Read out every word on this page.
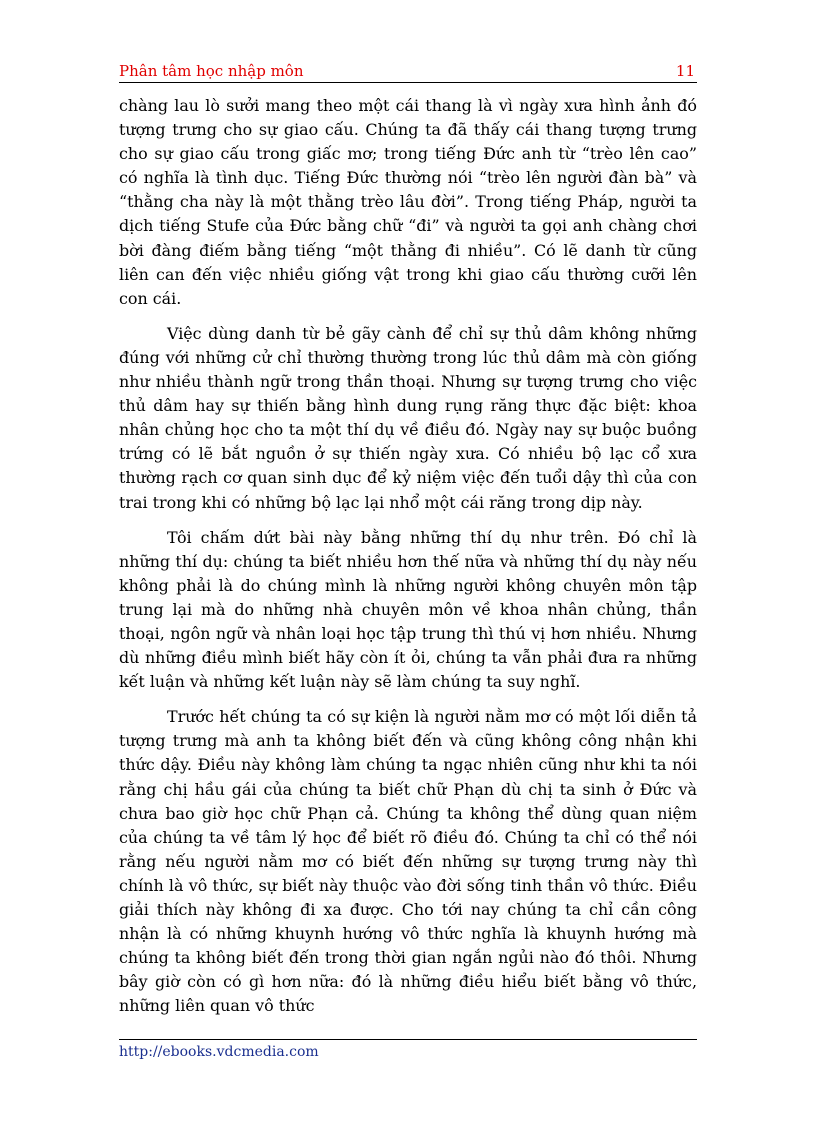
Phân tâm học nhập môn	11

chàng lau lò sưởi mang theo một cái thang là vì ngày xưa hình ảnh đó tượng trưng cho sự giao cấu. Chúng ta đã thấy cái thang tượng trưng cho sự giao cấu trong giấc mơ; trong tiếng Đức anh từ “trèo lên cao” có nghĩa là tình dục. Tiếng Đức thường nói “trèo lên người đàn bà” và “thằng cha này là một thằng trèo lâu đời”. Trong tiếng Pháp, người ta dịch tiếng Stufe của Đức bằng chữ “đi” và người ta gọi anh chàng chơi bời đàng điếm bằng tiếng “một thằng đi nhiều”. Có lẽ danh từ cũng liên can đến việc nhiều giống vật trong khi giao cấu thường cưỡi lên con cái.

Việc dùng danh từ bẻ gãy cành để chỉ sự thủ dâm không những đúng với những cử chỉ thường thường trong lúc thủ dâm mà còn giống như nhiều thành ngữ trong thần thoại. Nhưng sự tượng trưng cho việc thủ dâm hay sự thiến bằng hình dung rụng răng thực đặc biệt: khoa nhân chủng học cho ta một thí dụ về điều đó. Ngày nay sự buộc buồng trứng có lẽ bắt nguồn ở sự thiến ngày xưa. Có nhiều bộ lạc cổ xưa thường rạch cơ quan sinh dục để kỷ niệm việc đến tuổi dậy thì của con trai trong khi có những bộ lạc lại nhổ một cái răng trong dịp này.

Tôi chấm dứt bài này bằng những thí dụ như trên. Đó chỉ là những thí dụ: chúng ta biết nhiều hơn thế nữa và những thí dụ này nếu không phải là do chúng mình là những người không chuyên môn tập trung lại mà do những nhà chuyên môn về khoa nhân chủng, thần thoại, ngôn ngữ và nhân loại học tập trung thì thú vị hơn nhiều. Nhưng dù những điều mình biết hãy còn ít ỏi, chúng ta vẫn phải đưa ra những kết luận và những kết luận này sẽ làm chúng ta suy nghĩ.

Trước hết chúng ta có sự kiện là người nằm mơ có một lối diễn tả tượng trưng mà anh ta không biết đến và cũng không công nhận khi thức dậy. Điều này không làm chúng ta ngạc nhiên cũng như khi ta nói rằng chị hầu gái của chúng ta biết chữ Phạn dù chị ta sinh ở Đức và chưa bao giờ học chữ Phạn cả. Chúng ta không thể dùng quan niệm của chúng ta về tâm lý học để biết rõ điều đó. Chúng ta chỉ có thể nói rằng nếu người nằm mơ có biết đến những sự tượng trưng này thì chính là vô thức, sự biết này thuộc vào đời sống tinh thần vô thức. Điều giải thích này không đi xa được. Cho tới nay chúng ta chỉ cần công nhận là có những khuynh hướng vô thức nghĩa là khuynh hướng mà chúng ta không biết đến trong thời gian ngắn ngủi nào đó thôi. Nhưng bây giờ còn có gì hơn nữa: đó là những điều hiểu biết bằng vô thức, những liên quan vô thức

http://ebooks.vdcmedia.com
